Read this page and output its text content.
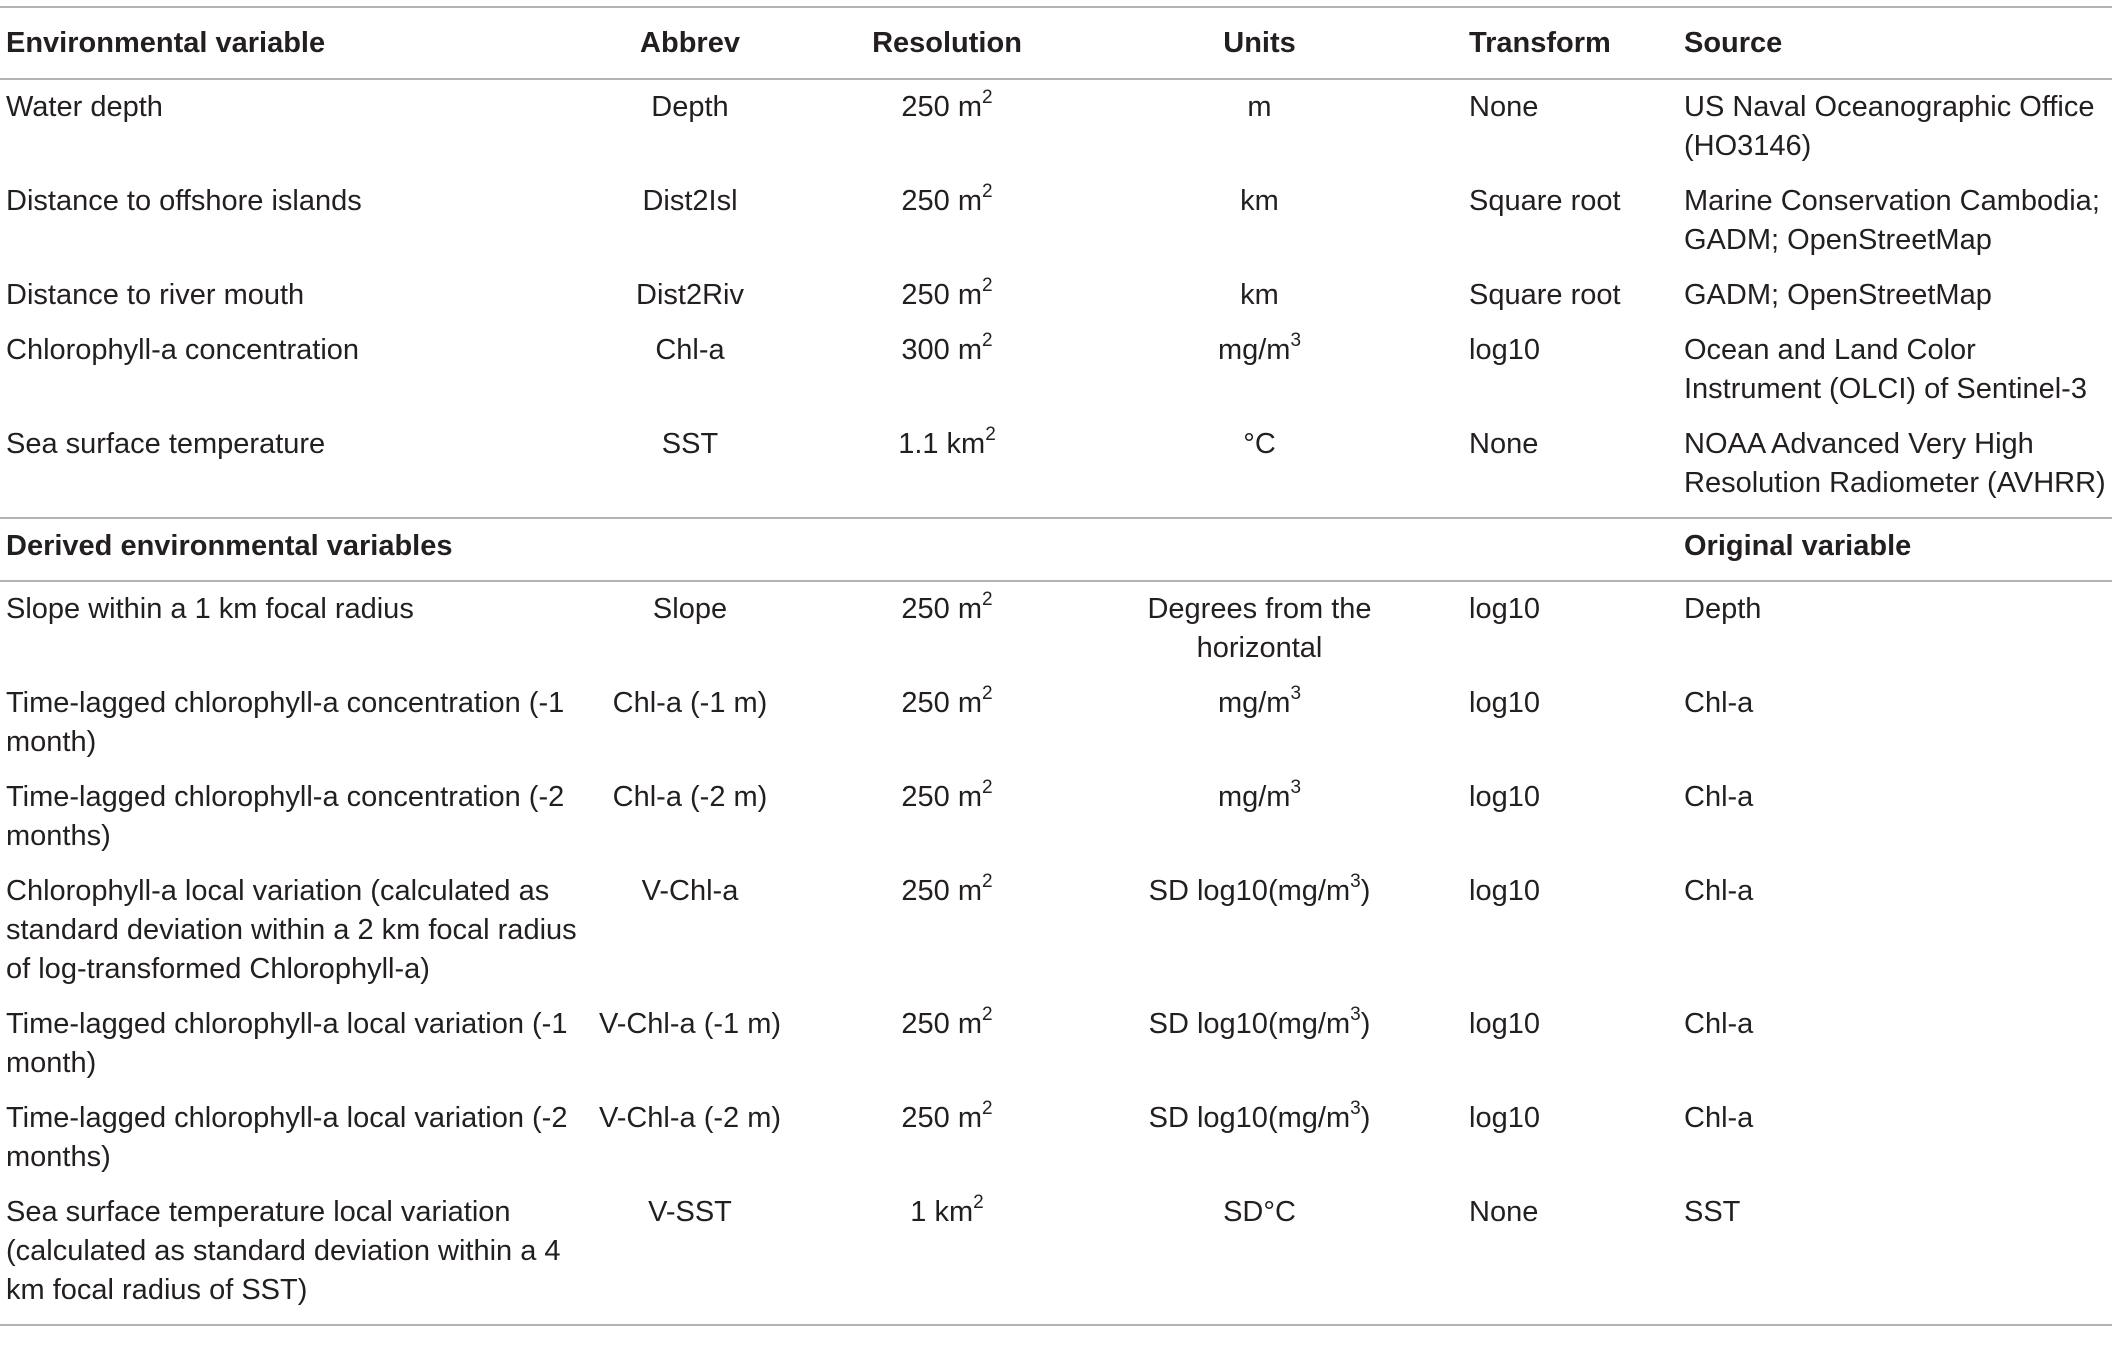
Environmental variable	Abbrev	Resolution	Units	Transform	Source
Water depth	Depth	250 $m^2$	m	None	US Naval Oceanographic Office (HO3146)
Distance to offshore islands	Dist2Isl	250 $m^2$	km	Square root	Marine Conservation Cambodia; GADM; OpenStreetMap
Distance to river mouth	Dist2Riv	250 $m^2$	km	Square root	GADM; OpenStreetMap
Chlorophyll-a concentration	Chl-a	300 $m^2$	$mg/m^3$	log10	Ocean and Land Color Instrument (OLCI) of Sentinel-3
Sea surface temperature	SST	1.1 $km^2$	°C	None	NOAA Advanced Very High Resolution Radiometer (AVHRR)
Derived environmental variables					Original variable
Slope within a 1 km focal radius	Slope	250 $m^2$	Degrees from the horizontal	log10	Depth
Time-lagged chlorophyll-a concentration (-1 month)	Chl-a (-1 m)	250 $m^2$	$mg/m^3$	log10	Chl-a
Time-lagged chlorophyll-a concentration (-2 months)	Chl-a (-2 m)	250 $m^2$	$mg/m^3$	log10	Chl-a
Chlorophyll-a local variation (calculated as standard deviation within a 2 km focal radius of log-transformed Chlorophyll-a)	V-Chl-a	250 $m^2$	SD $\log 10(mg/m^3)$	log10	Chl-a
Time-lagged chlorophyll-a local variation (-1 month)	V-Chl-a (-1 m)	250 $m^2$	SD $\log 10(mg/m^3)$	log10	Chl-a
Time-lagged chlorophyll-a local variation (-2 months)	V-Chl-a (-2 m)	250 $m^2$	SD $\log 10(mg/m^3)$	log10	Chl-a
Sea surface temperature local variation (calculated as standard deviation within a 4 km focal radius of SST)	V-SST	1 $km^2$	SD°C	None	SST
